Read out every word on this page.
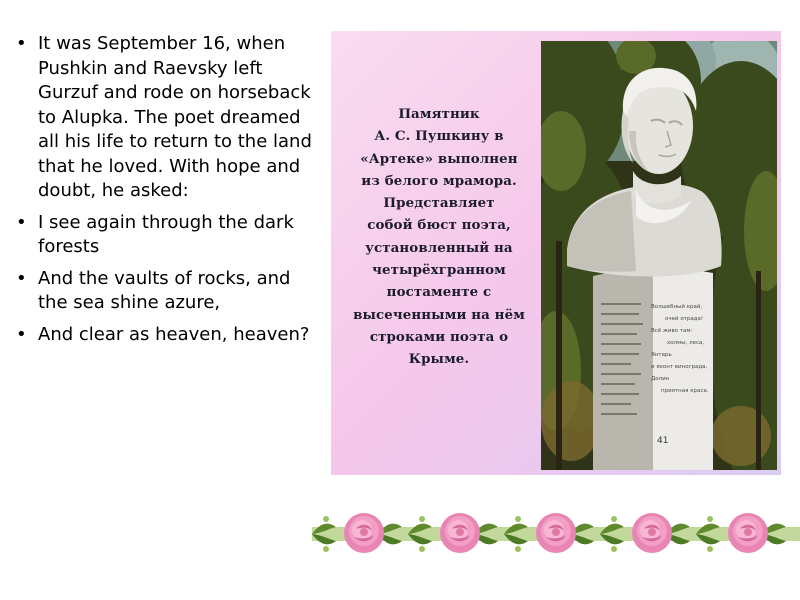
• It was September 16, when Pushkin and Raevsky left Gurzuf and rode on horseback to Alupka. The poet dreamed all his life to return to the land that he loved. With hope and doubt, he asked:
• I see again through the dark forests
• And the vaults of rocks, and the sea shine azure,
• And clear as heaven, heaven?
Памятник
А. С. Пушкину в
«Артеке» выполнен
из белого мрамора.
Представляет
собой бюст поэта,
установленный на
четырёхгранном
постаменте с
высеченными на нём
строками поэта о
Крыме.
Волшебный край,
очей отрада!
Всё живо там:
холмы, леса,
Янтарь
и яхонт винограда,
Долин
приятная краса.
41
